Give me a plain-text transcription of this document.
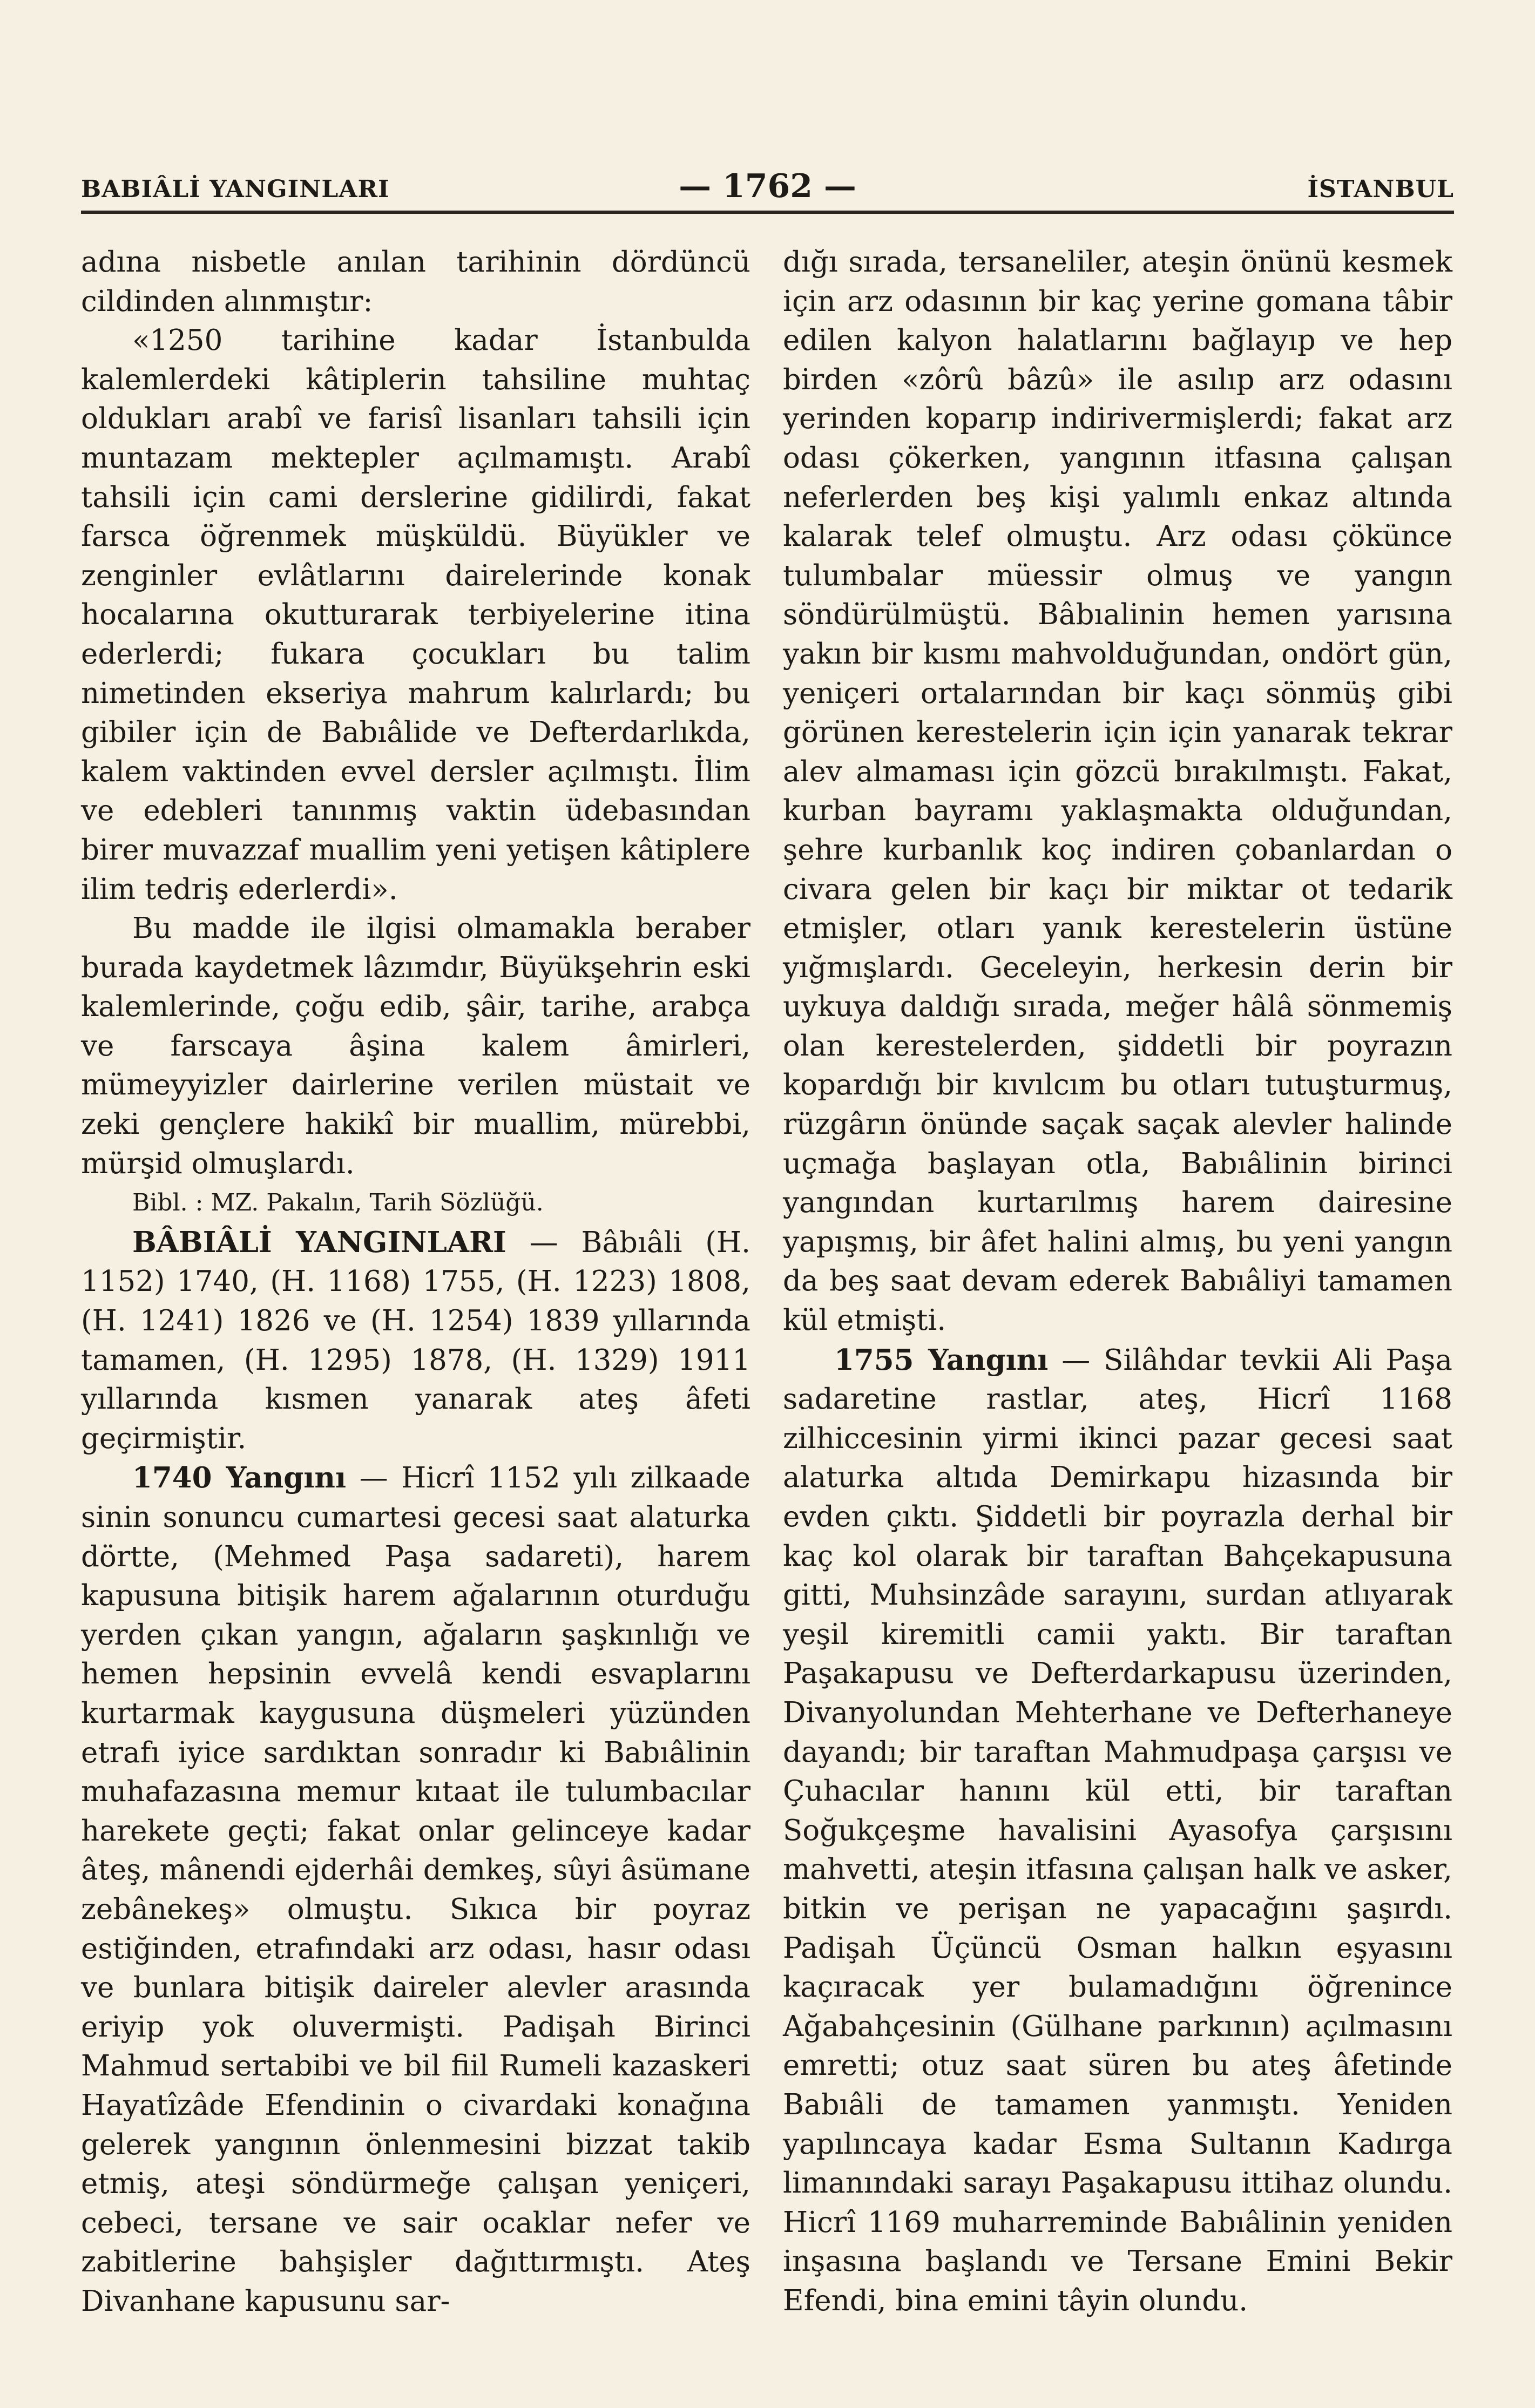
BABIÂLİ YANGINLARI	— 1762 —	İSTANBUL

adına nisbetle anılan tarihinin dördüncü cildinden alınmıştır:

«1250 tarihine kadar İstanbulda kalemlerdeki kâtiplerin tahsiline muhtaç oldukları arabî ve farisî lisanları tahsili için muntazam mektepler açılmamıştı. Arabî tahsili için cami derslerine gidilirdi, fakat farsca öğrenmek müşküldü. Büyükler ve zenginler evlâtlarını dairelerinde konak hocalarına okutturarak terbiyelerine itina ederlerdi; fukara çocukları bu talim nimetinden ekseriya mahrum kalırlardı; bu gibiler için de Babıâlide ve Defterdarlıkda, kalem vaktinden evvel dersler açılmıştı. İlim ve edebleri tanınmış vaktin üdebasından birer muvazzaf muallim yeni yetişen kâtiplere ilim tedriş ederlerdi».

Bu madde ile ilgisi olmamakla beraber burada kaydetmek lâzımdır, Büyükşehrin eski kalemlerinde, çoğu edib, şâir, tarihe, arabça ve farscaya âşina kalem âmirleri, mümeyyizler dairlerine verilen müstait ve zeki gençlere hakikî bir muallim, mürebbi, mürşid olmuşlardı.

Bibl. : MZ. Pakalın, Tarih Sözlüğü.

BÂBIÂLİ YANGINLARI — Bâbıâli (H. 1152) 1740, (H. 1168) 1755, (H. 1223) 1808, (H. 1241) 1826 ve (H. 1254) 1839 yıllarında tamamen, (H. 1295) 1878, (H. 1329) 1911 yıllarında kısmen yanarak ateş âfeti geçirmiştir.

1740 Yangını — Hicrî 1152 yılı zilkaade sinin sonuncu cumartesi gecesi saat alaturka dörtte, (Mehmed Paşa sadareti), harem kapusuna bitişik harem ağalarının oturduğu yerden çıkan yangın, ağaların şaşkınlığı ve hemen hepsinin evvelâ kendi esvaplarını kurtarmak kaygusuna düşmeleri yüzünden etrafı iyice sardıktan sonradır ki Babıâlinin muhafazasına memur kıtaat ile tulumbacılar harekete geçti; fakat onlar gelinceye kadar âteş, mânendi ejderhâi demkeş, sûyi âsümane zebânekeş» olmuştu. Sıkıca bir poyraz estiğinden, etrafındaki arz odası, hasır odası ve bunlara bitişik daireler alevler arasında eriyip yok oluvermişti. Padişah Birinci Mahmud sertabibi ve bil fiil Rumeli kazaskeri Hayatîzâde Efendinin o civardaki konağına gelerek yangının önlenmesini bizzat takib etmiş, ateşi söndürmeğe çalışan yeniçeri, cebeci, tersane ve sair ocaklar nefer ve zabitlerine bahşişler dağıttırmıştı. Ateş Divanhane kapusunu sar-

dığı sırada, tersaneliler, ateşin önünü kesmek için arz odasının bir kaç yerine gomana tâbir edilen kalyon halatlarını bağlayıp ve hep birden «zôrû bâzû» ile asılıp arz odasını yerinden koparıp indirivermişlerdi; fakat arz odası çökerken, yangının itfasına çalışan neferlerden beş kişi yalımlı enkaz altında kalarak telef olmuştu. Arz odası çökünce tulumbalar müessir olmuş ve yangın söndürülmüştü. Bâbıalinin hemen yarısına yakın bir kısmı mahvolduğundan, ondört gün, yeniçeri ortalarından bir kaçı sönmüş gibi görünen kerestelerin için için yanarak tekrar alev almaması için gözcü bırakılmıştı. Fakat, kurban bayramı yaklaşmakta olduğundan, şehre kurbanlık koç indiren çobanlardan o civara gelen bir kaçı bir miktar ot tedarik etmişler, otları yanık kerestelerin üstüne yığmışlardı. Geceleyin, herkesin derin bir uykuya daldığı sırada, meğer hâlâ sönmemiş olan kerestelerden, şiddetli bir poyrazın kopardığı bir kıvılcım bu otları tutuşturmuş, rüzgârın önünde saçak saçak alevler halinde uçmağa başlayan otla, Babıâlinin birinci yangından kurtarılmış harem dairesine yapışmış, bir âfet halini almış, bu yeni yangın da beş saat devam ederek Babıâliyi tamamen kül etmişti.

1755 Yangını — Silâhdar tevkii Ali Paşa sadaretine rastlar, ateş, Hicrî 1168 zilhiccesinin yirmi ikinci pazar gecesi saat alaturka altıda Demirkapu hizasında bir evden çıktı. Şiddetli bir poyrazla derhal bir kaç kol olarak bir taraftan Bahçekapusuna gitti, Muhsinzâde sarayını, surdan atlıyarak yeşil kiremitli camii yaktı. Bir taraftan Paşakapusu ve Defterdarkapusu üzerinden, Divanyolundan Mehterhane ve Defterhaneye dayandı; bir taraftan Mahmudpaşa çarşısı ve Çuhacılar hanını kül etti, bir taraftan Soğukçeşme havalisini Ayasofya çarşısını mahvetti, ateşin itfasına çalışan halk ve asker, bitkin ve perişan ne yapacağını şaşırdı. Padişah Üçüncü Osman halkın eşyasını kaçıracak yer bulamadığını öğrenince Ağabahçesinin (Gülhane parkının) açılmasını emretti; otuz saat süren bu ateş âfetinde Babıâli de tamamen yanmıştı. Yeniden yapılıncaya kadar Esma Sultanın Kadırga limanındaki sarayı Paşakapusu ittihaz olundu. Hicrî 1169 muharreminde Babıâlinin yeniden inşasına başlandı ve Tersane Emini Bekir Efendi, bina emini tâyin olundu.
